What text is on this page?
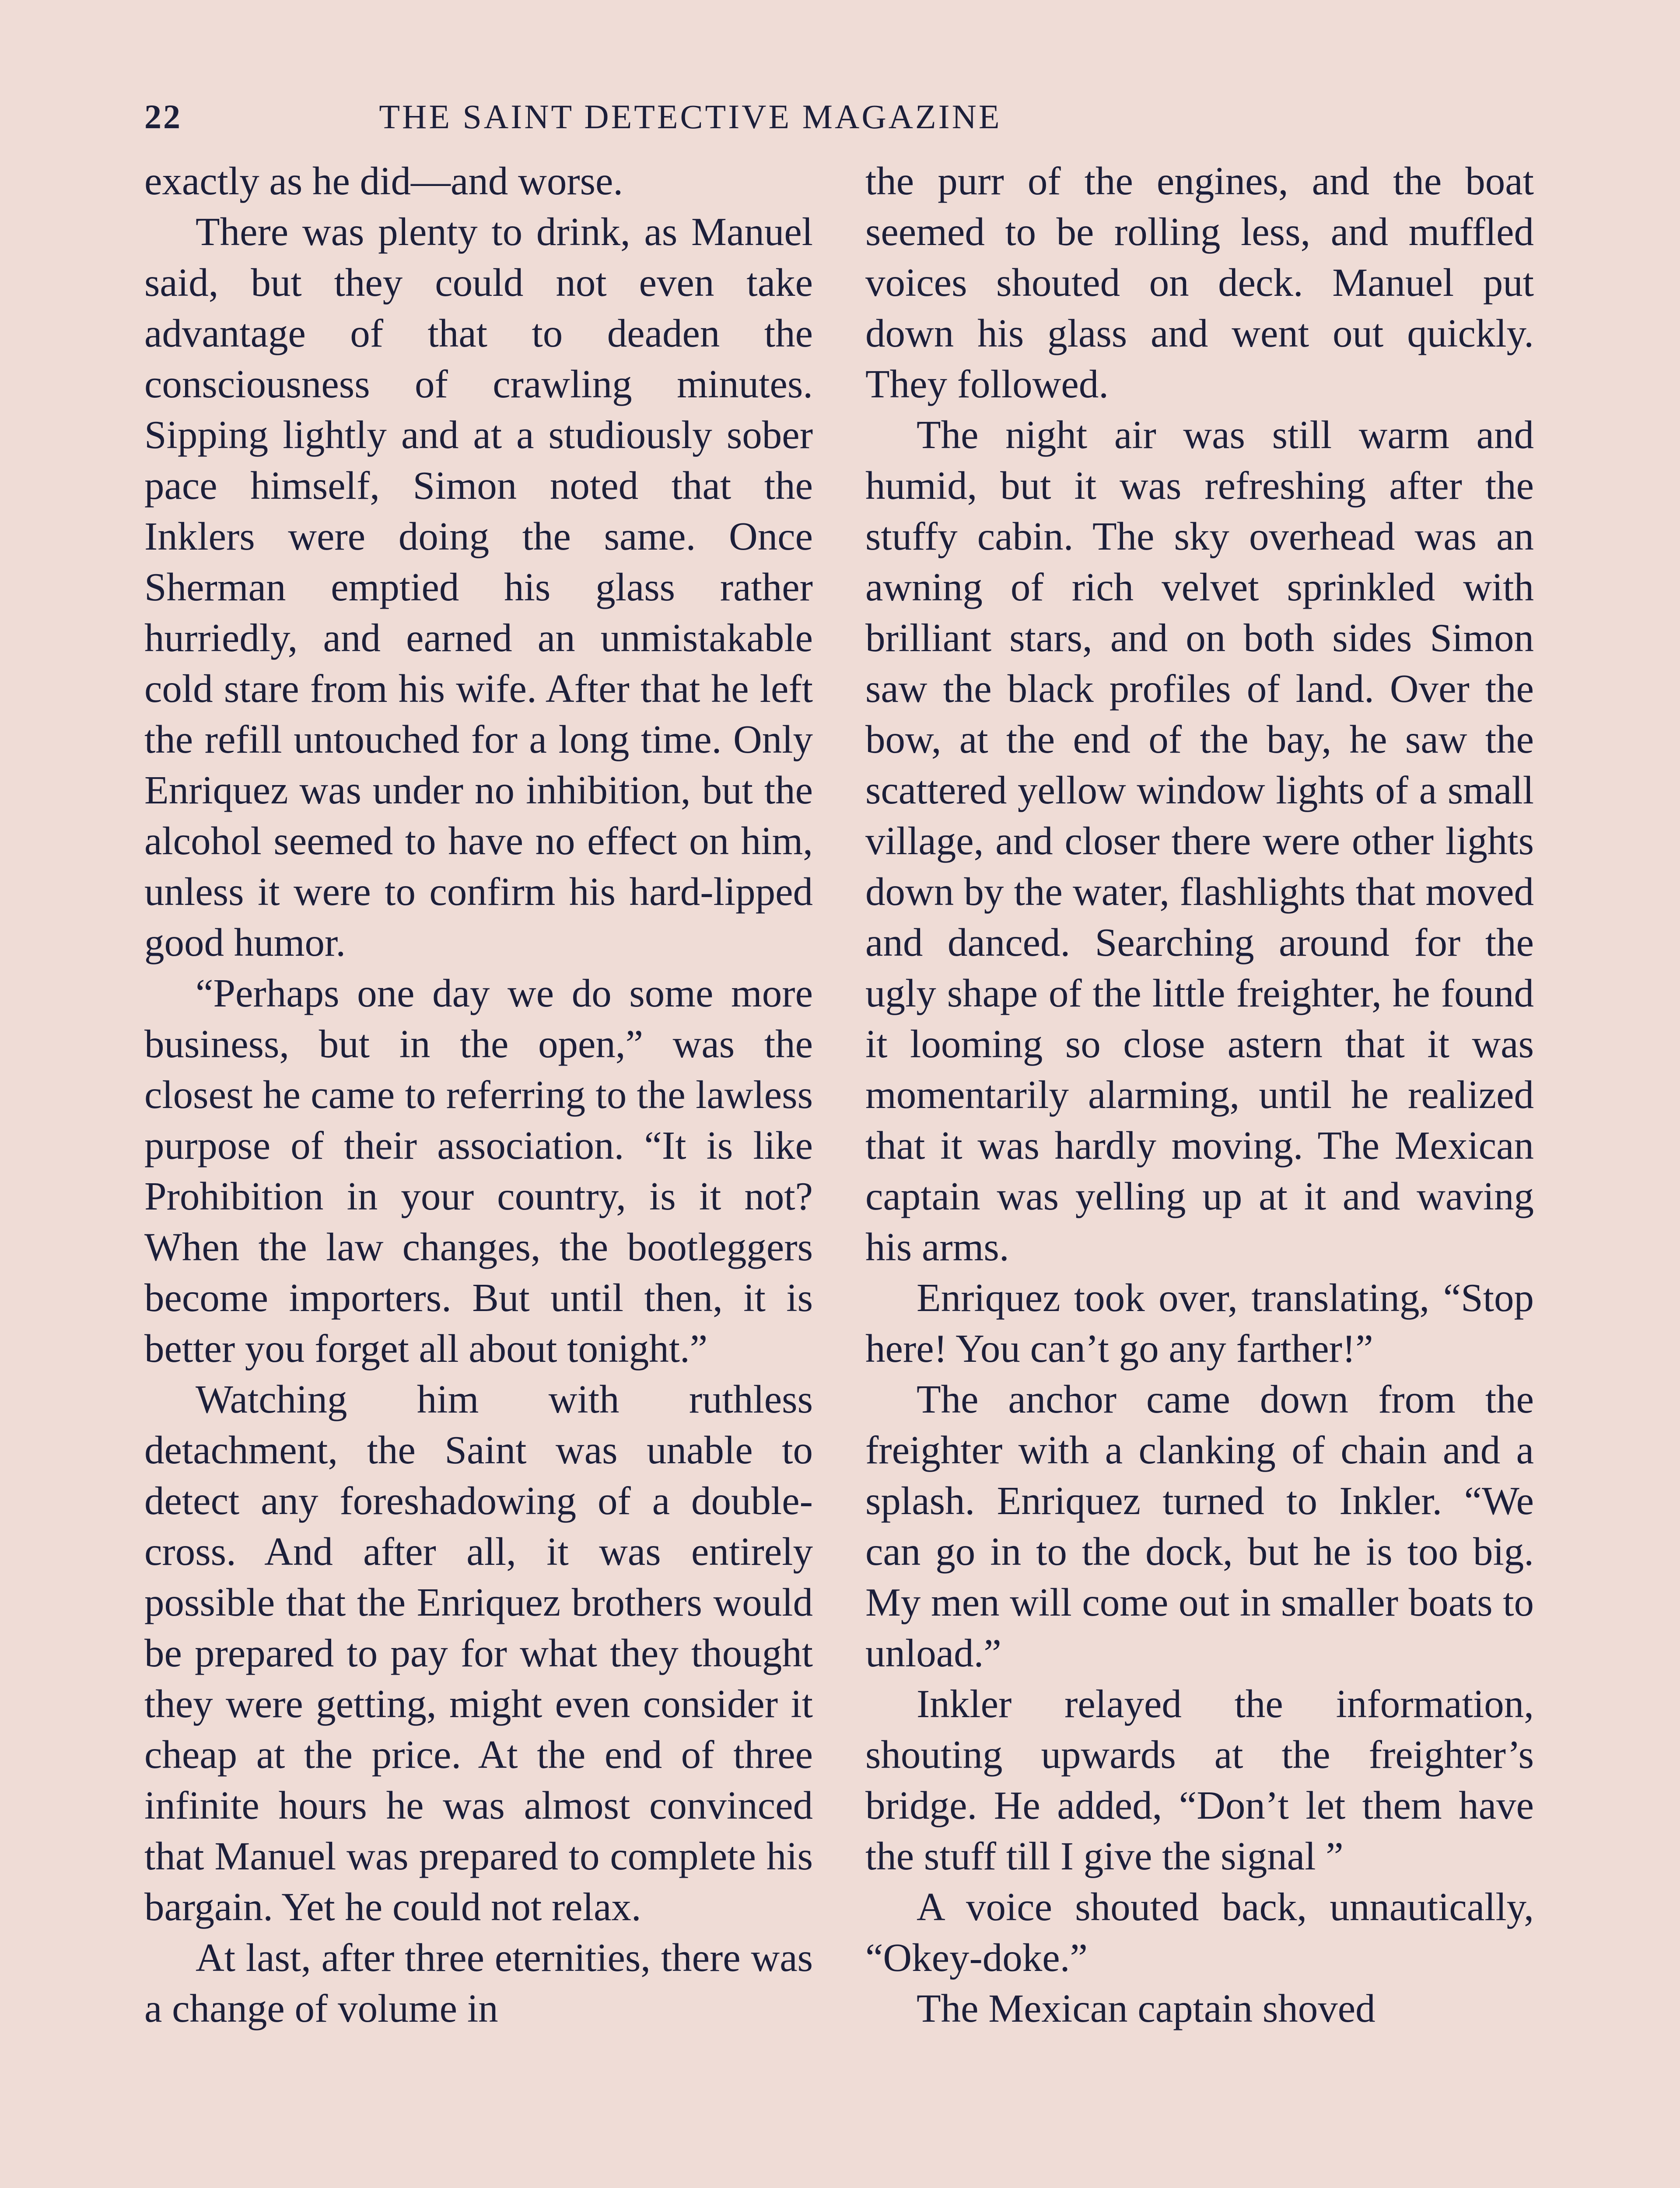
22	THE SAINT DETECTIVE MAGAZINE

exactly as he did—and worse.

There was plenty to drink, as Manuel said, but they could not even take advantage of that to deaden the consciousness of crawling minutes. Sipping lightly and at a studiously sober pace himself, Simon noted that the Inklers were doing the same. Once Sherman emptied his glass rather hurriedly, and earned an unmistakable cold stare from his wife. After that he left the refill untouched for a long time. Only Enriquez was under no inhibition, but the alcohol seemed to have no effect on him, unless it were to confirm his hard-lipped good humor.

“Perhaps one day we do some more business, but in the open,” was the closest he came to referring to the lawless purpose of their association. “It is like Prohibition in your country, is it not? When the law changes, the bootleggers become importers. But until then, it is better you forget all about tonight.”

Watching him with ruthless detachment, the Saint was unable to detect any foreshadowing of a double-cross. And after all, it was entirely possible that the Enriquez brothers would be prepared to pay for what they thought they were getting, might even consider it cheap at the price. At the end of three infinite hours he was almost convinced that Manuel was prepared to complete his bargain. Yet he could not relax.

At last, after three eternities, there was a change of volume in

the purr of the engines, and the boat seemed to be rolling less, and muffled voices shouted on deck. Manuel put down his glass and went out quickly. They followed.

The night air was still warm and humid, but it was refreshing after the stuffy cabin. The sky overhead was an awning of rich velvet sprinkled with brilliant stars, and on both sides Simon saw the black profiles of land. Over the bow, at the end of the bay, he saw the scattered yellow window lights of a small village, and closer there were other lights down by the water, flashlights that moved and danced. Searching around for the ugly shape of the little freighter, he found it looming so close astern that it was momentarily alarming, until he realized that it was hardly moving. The Mexican captain was yelling up at it and waving his arms.

Enriquez took over, translating, “Stop here! You can’t go any farther!”

The anchor came down from the freighter with a clanking of chain and a splash. Enriquez turned to Inkler. “We can go in to the dock, but he is too big. My men will come out in smaller boats to unload.”

Inkler relayed the information, shouting upwards at the freighter’s bridge. He added, “Don’t let them have the stuff till I give the signal ”

A voice shouted back, unnautically, “Okey-doke.”

The Mexican captain shoved
